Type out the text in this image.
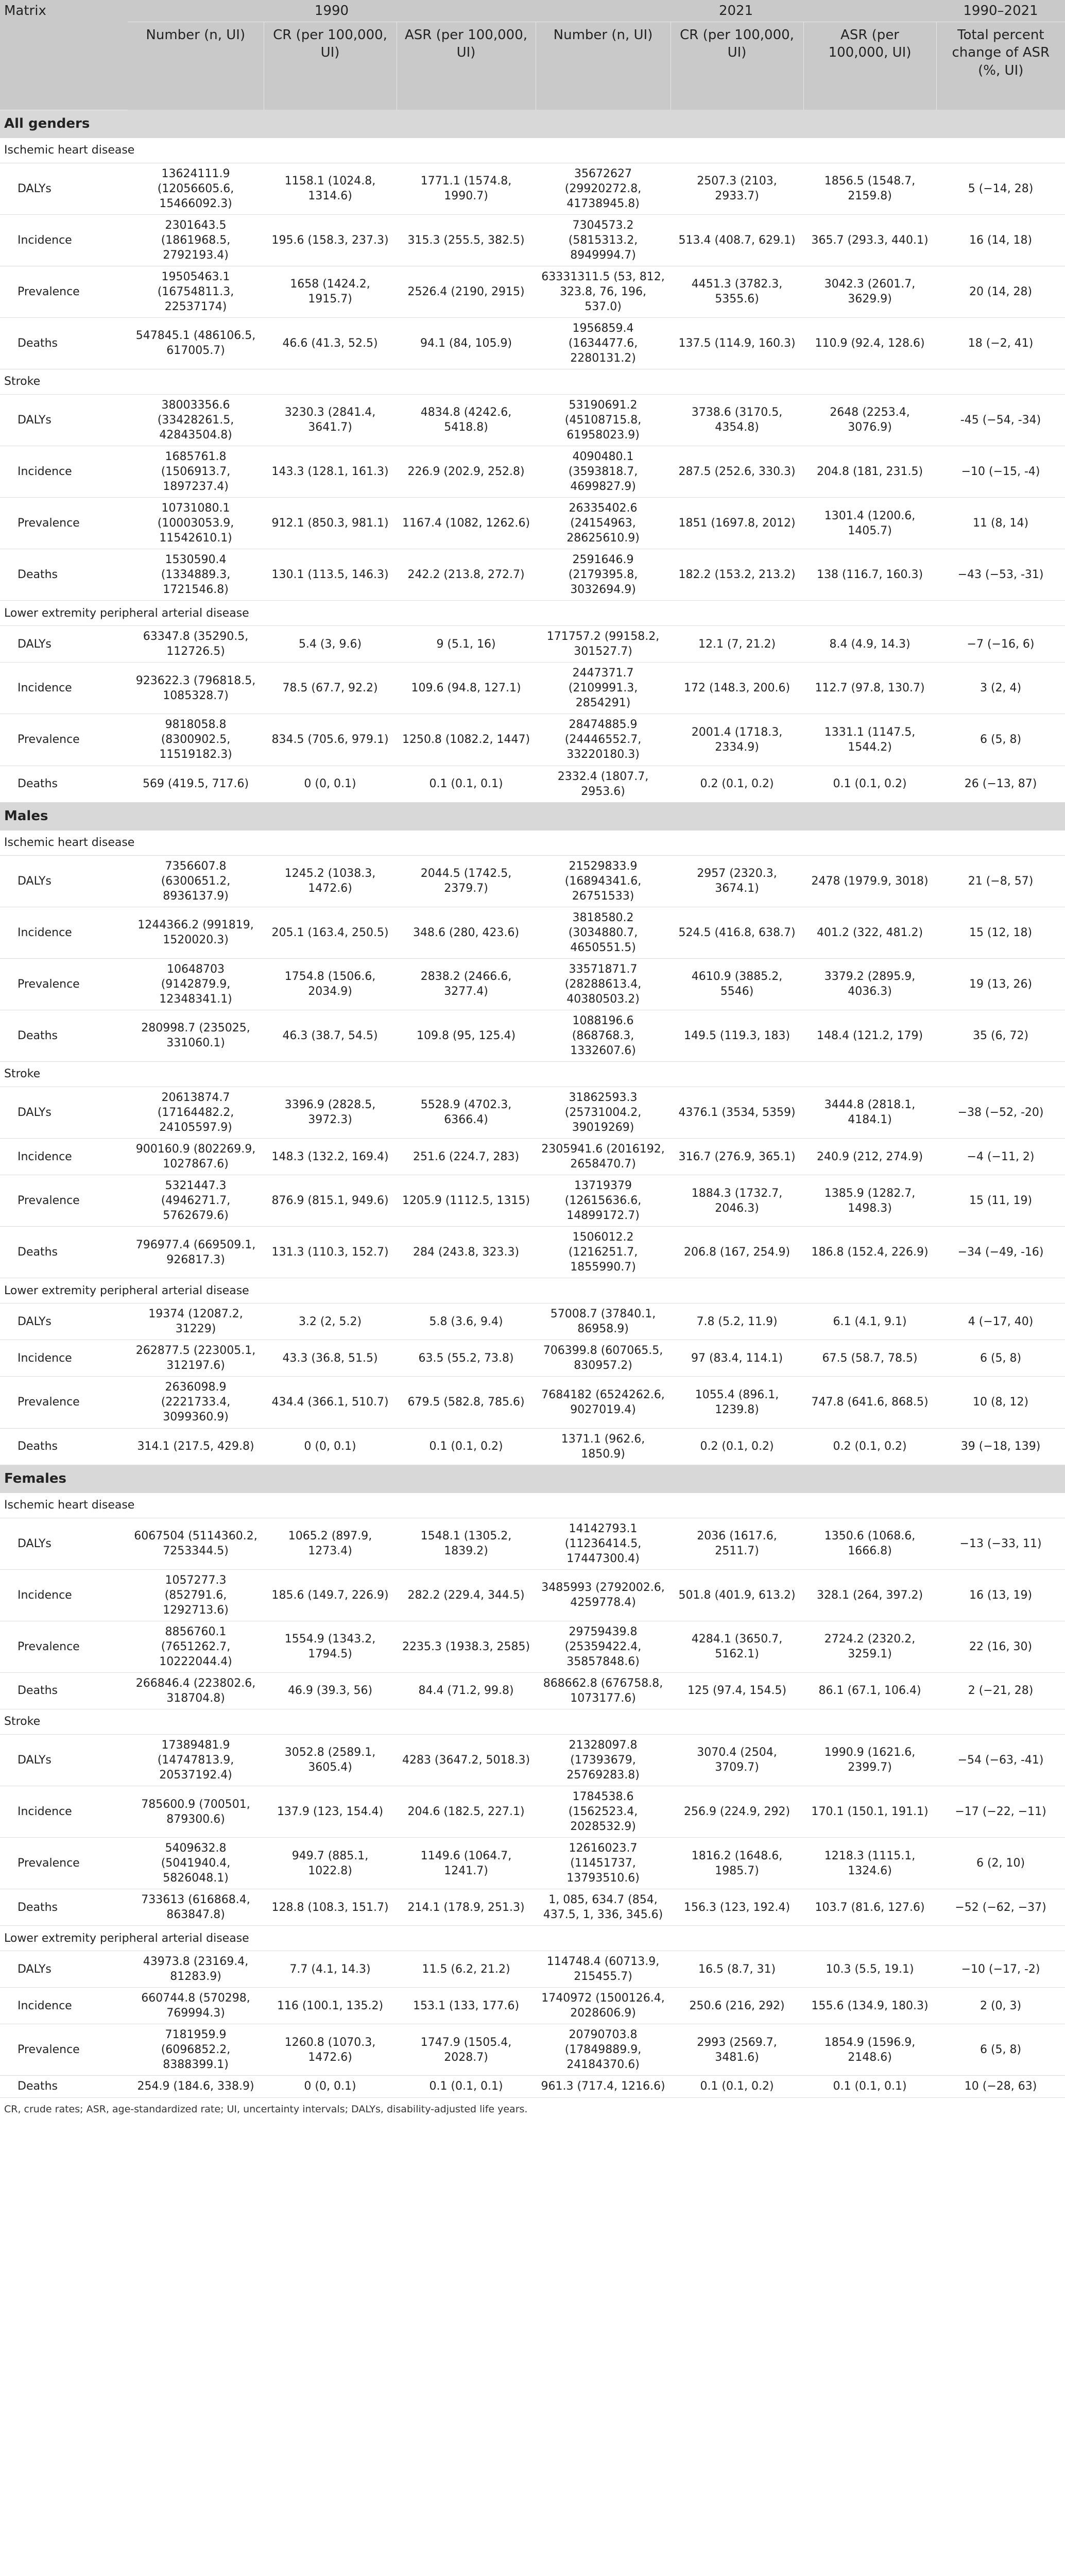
Matrix	1990			2021			1990–2021
	Number (n, UI)	CR (per 100,000, UI)	ASR (per 100,000, UI)	Number (n, UI)	CR (per 100,000, UI)	ASR (per 100,000, UI)	Total percent change of ASR (%, UI)
All genders							
Ischemic heart disease							
DALYs	13624111.9 (12056605.6, 15466092.3)	1158.1 (1024.8, 1314.6)	1771.1 (1574.8, 1990.7)	35672627 (29920272.8, 41738945.8)	2507.3 (2103, 2933.7)	1856.5 (1548.7, 2159.8)	5 (−14, 28)
Incidence	2301643.5 (1861968.5, 2792193.4)	195.6 (158.3, 237.3)	315.3 (255.5, 382.5)	7304573.2 (5815313.2, 8949994.7)	513.4 (408.7, 629.1)	365.7 (293.3, 440.1)	16 (14, 18)
Prevalence	19505463.1 (16754811.3, 22537174)	1658 (1424.2, 1915.7)	2526.4 (2190, 2915)	63331311.5 (53, 812, 323.8, 76, 196, 537.0)	4451.3 (3782.3, 5355.6)	3042.3 (2601.7, 3629.9)	20 (14, 28)
Deaths	547845.1 (486106.5, 617005.7)	46.6 (41.3, 52.5)	94.1 (84, 105.9)	1956859.4 (1634477.6, 2280131.2)	137.5 (114.9, 160.3)	110.9 (92.4, 128.6)	18 (−2, 41)
Stroke							
DALYs	38003356.6 (33428261.5, 42843504.8)	3230.3 (2841.4, 3641.7)	4834.8 (4242.6, 5418.8)	53190691.2 (45108715.8, 61958023.9)	3738.6 (3170.5, 4354.8)	2648 (2253.4, 3076.9)	-45 (−54, -34)
Incidence	1685761.8 (1506913.7, 1897237.4)	143.3 (128.1, 161.3)	226.9 (202.9, 252.8)	4090480.1 (3593818.7, 4699827.9)	287.5 (252.6, 330.3)	204.8 (181, 231.5)	−10 (−15, -4)
Prevalence	10731080.1 (10003053.9, 11542610.1)	912.1 (850.3, 981.1)	1167.4 (1082, 1262.6)	26335402.6 (24154963, 28625610.9)	1851 (1697.8, 2012)	1301.4 (1200.6, 1405.7)	11 (8, 14)
Deaths	1530590.4 (1334889.3, 1721546.8)	130.1 (113.5, 146.3)	242.2 (213.8, 272.7)	2591646.9 (2179395.8, 3032694.9)	182.2 (153.2, 213.2)	138 (116.7, 160.3)	−43 (−53, -31)
Lower extremity peripheral arterial disease							
DALYs	63347.8 (35290.5, 112726.5)	5.4 (3, 9.6)	9 (5.1, 16)	171757.2 (99158.2, 301527.7)	12.1 (7, 21.2)	8.4 (4.9, 14.3)	−7 (−16, 6)
Incidence	923622.3 (796818.5, 1085328.7)	78.5 (67.7, 92.2)	109.6 (94.8, 127.1)	2447371.7 (2109991.3, 2854291)	172 (148.3, 200.6)	112.7 (97.8, 130.7)	3 (2, 4)
Prevalence	9818058.8 (8300902.5, 11519182.3)	834.5 (705.6, 979.1)	1250.8 (1082.2, 1447)	28474885.9 (24446552.7, 33220180.3)	2001.4 (1718.3, 2334.9)	1331.1 (1147.5, 1544.2)	6 (5, 8)
Deaths	569 (419.5, 717.6)	0 (0, 0.1)	0.1 (0.1, 0.1)	2332.4 (1807.7, 2953.6)	0.2 (0.1, 0.2)	0.1 (0.1, 0.2)	26 (−13, 87)
Males							
Ischemic heart disease							
DALYs	7356607.8 (6300651.2, 8936137.9)	1245.2 (1038.3, 1472.6)	2044.5 (1742.5, 2379.7)	21529833.9 (16894341.6, 26751533)	2957 (2320.3, 3674.1)	2478 (1979.9, 3018)	21 (−8, 57)
Incidence	1244366.2 (991819, 1520020.3)	205.1 (163.4, 250.5)	348.6 (280, 423.6)	3818580.2 (3034880.7, 4650551.5)	524.5 (416.8, 638.7)	401.2 (322, 481.2)	15 (12, 18)
Prevalence	10648703 (9142879.9, 12348341.1)	1754.8 (1506.6, 2034.9)	2838.2 (2466.6, 3277.4)	33571871.7 (28288613.4, 40380503.2)	4610.9 (3885.2, 5546)	3379.2 (2895.9, 4036.3)	19 (13, 26)
Deaths	280998.7 (235025, 331060.1)	46.3 (38.7, 54.5)	109.8 (95, 125.4)	1088196.6 (868768.3, 1332607.6)	149.5 (119.3, 183)	148.4 (121.2, 179)	35 (6, 72)
Stroke							
DALYs	20613874.7 (17164482.2, 24105597.9)	3396.9 (2828.5, 3972.3)	5528.9 (4702.3, 6366.4)	31862593.3 (25731004.2, 39019269)	4376.1 (3534, 5359)	3444.8 (2818.1, 4184.1)	−38 (−52, -20)
Incidence	900160.9 (802269.9, 1027867.6)	148.3 (132.2, 169.4)	251.6 (224.7, 283)	2305941.6 (2016192, 2658470.7)	316.7 (276.9, 365.1)	240.9 (212, 274.9)	−4 (−11, 2)
Prevalence	5321447.3 (4946271.7, 5762679.6)	876.9 (815.1, 949.6)	1205.9 (1112.5, 1315)	13719379 (12615636.6, 14899172.7)	1884.3 (1732.7, 2046.3)	1385.9 (1282.7, 1498.3)	15 (11, 19)
Deaths	796977.4 (669509.1, 926817.3)	131.3 (110.3, 152.7)	284 (243.8, 323.3)	1506012.2 (1216251.7, 1855990.7)	206.8 (167, 254.9)	186.8 (152.4, 226.9)	−34 (−49, -16)
Lower extremity peripheral arterial disease							
DALYs	19374 (12087.2, 31229)	3.2 (2, 5.2)	5.8 (3.6, 9.4)	57008.7 (37840.1, 86958.9)	7.8 (5.2, 11.9)	6.1 (4.1, 9.1)	4 (−17, 40)
Incidence	262877.5 (223005.1, 312197.6)	43.3 (36.8, 51.5)	63.5 (55.2, 73.8)	706399.8 (607065.5, 830957.2)	97 (83.4, 114.1)	67.5 (58.7, 78.5)	6 (5, 8)
Prevalence	2636098.9 (2221733.4, 3099360.9)	434.4 (366.1, 510.7)	679.5 (582.8, 785.6)	7684182 (6524262.6, 9027019.4)	1055.4 (896.1, 1239.8)	747.8 (641.6, 868.5)	10 (8, 12)
Deaths	314.1 (217.5, 429.8)	0 (0, 0.1)	0.1 (0.1, 0.2)	1371.1 (962.6, 1850.9)	0.2 (0.1, 0.2)	0.2 (0.1, 0.2)	39 (−18, 139)
Females							
Ischemic heart disease							
DALYs	6067504 (5114360.2, 7253344.5)	1065.2 (897.9, 1273.4)	1548.1 (1305.2, 1839.2)	14142793.1 (11236414.5, 17447300.4)	2036 (1617.6, 2511.7)	1350.6 (1068.6, 1666.8)	−13 (−33, 11)
Incidence	1057277.3 (852791.6, 1292713.6)	185.6 (149.7, 226.9)	282.2 (229.4, 344.5)	3485993 (2792002.6, 4259778.4)	501.8 (401.9, 613.2)	328.1 (264, 397.2)	16 (13, 19)
Prevalence	8856760.1 (7651262.7, 10222044.4)	1554.9 (1343.2, 1794.5)	2235.3 (1938.3, 2585)	29759439.8 (25359422.4, 35857848.6)	4284.1 (3650.7, 5162.1)	2724.2 (2320.2, 3259.1)	22 (16, 30)
Deaths	266846.4 (223802.6, 318704.8)	46.9 (39.3, 56)	84.4 (71.2, 99.8)	868662.8 (676758.8, 1073177.6)	125 (97.4, 154.5)	86.1 (67.1, 106.4)	2 (−21, 28)
Stroke							
DALYs	17389481.9 (14747813.9, 20537192.4)	3052.8 (2589.1, 3605.4)	4283 (3647.2, 5018.3)	21328097.8 (17393679, 25769283.8)	3070.4 (2504, 3709.7)	1990.9 (1621.6, 2399.7)	−54 (−63, -41)
Incidence	785600.9 (700501, 879300.6)	137.9 (123, 154.4)	204.6 (182.5, 227.1)	1784538.6 (1562523.4, 2028532.9)	256.9 (224.9, 292)	170.1 (150.1, 191.1)	−17 (−22, −11)
Prevalence	5409632.8 (5041940.4, 5826048.1)	949.7 (885.1, 1022.8)	1149.6 (1064.7, 1241.7)	12616023.7 (11451737, 13793510.6)	1816.2 (1648.6, 1985.7)	1218.3 (1115.1, 1324.6)	6 (2, 10)
Deaths	733613 (616868.4, 863847.8)	128.8 (108.3, 151.7)	214.1 (178.9, 251.3)	1, 085, 634.7 (854, 437.5, 1, 336, 345.6)	156.3 (123, 192.4)	103.7 (81.6, 127.6)	−52 (−62, −37)
Lower extremity peripheral arterial disease							
DALYs	43973.8 (23169.4, 81283.9)	7.7 (4.1, 14.3)	11.5 (6.2, 21.2)	114748.4 (60713.9, 215455.7)	16.5 (8.7, 31)	10.3 (5.5, 19.1)	−10 (−17, -2)
Incidence	660744.8 (570298, 769994.3)	116 (100.1, 135.2)	153.1 (133, 177.6)	1740972 (1500126.4, 2028606.9)	250.6 (216, 292)	155.6 (134.9, 180.3)	2 (0, 3)
Prevalence	7181959.9 (6096852.2, 8388399.1)	1260.8 (1070.3, 1472.6)	1747.9 (1505.4, 2028.7)	20790703.8 (17849889.9, 24184370.6)	2993 (2569.7, 3481.6)	1854.9 (1596.9, 2148.6)	6 (5, 8)
Deaths	254.9 (184.6, 338.9)	0 (0, 0.1)	0.1 (0.1, 0.1)	961.3 (717.4, 1216.6)	0.1 (0.1, 0.2)	0.1 (0.1, 0.1)	10 (−28, 63)
CR, crude rates; ASR, age-standardized rate; UI, uncertainty intervals; DALYs, disability-adjusted life years.
